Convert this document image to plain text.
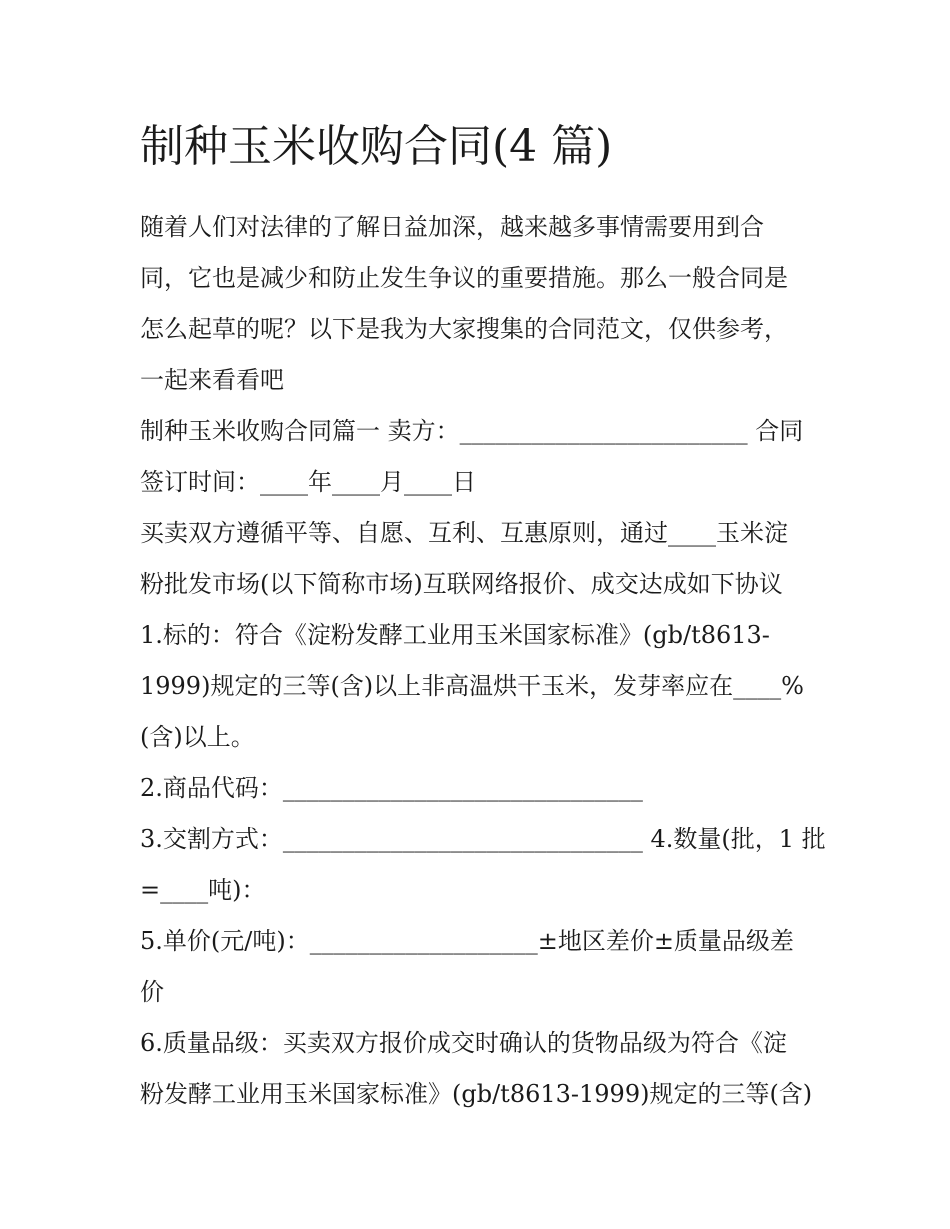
制种玉米收购合同(4 篇)

随着人们对法律的了解日益加深，越来越多事情需要用到合

同，它也是减少和防止发生争议的重要措施。那么一般合同是

怎么起草的呢？以下是我为大家搜集的合同范文，仅供参考，

一起来看看吧

制种玉米收购合同篇一 卖方：________________________ 合同

签订时间：____年____月____日

买卖双方遵循平等、自愿、互利、互惠原则，通过____玉米淀

粉批发市场(以下简称市场)互联网络报价、成交达成如下协议

1.标的：符合《淀粉发酵工业用玉米国家标准》(gb/t8613-

1999)规定的三等(含)以上非高温烘干玉米，发芽率应在____%

(含)以上。

2.商品代码：______________________________

3.交割方式：______________________________ 4.数量(批，1 批

=____吨)：

5.单价(元/吨)：___________________±地区差价±质量品级差

价

6.质量品级：买卖双方报价成交时确认的货物品级为符合《淀

粉发酵工业用玉米国家标准》(gb/t8613-1999)规定的三等(含)
